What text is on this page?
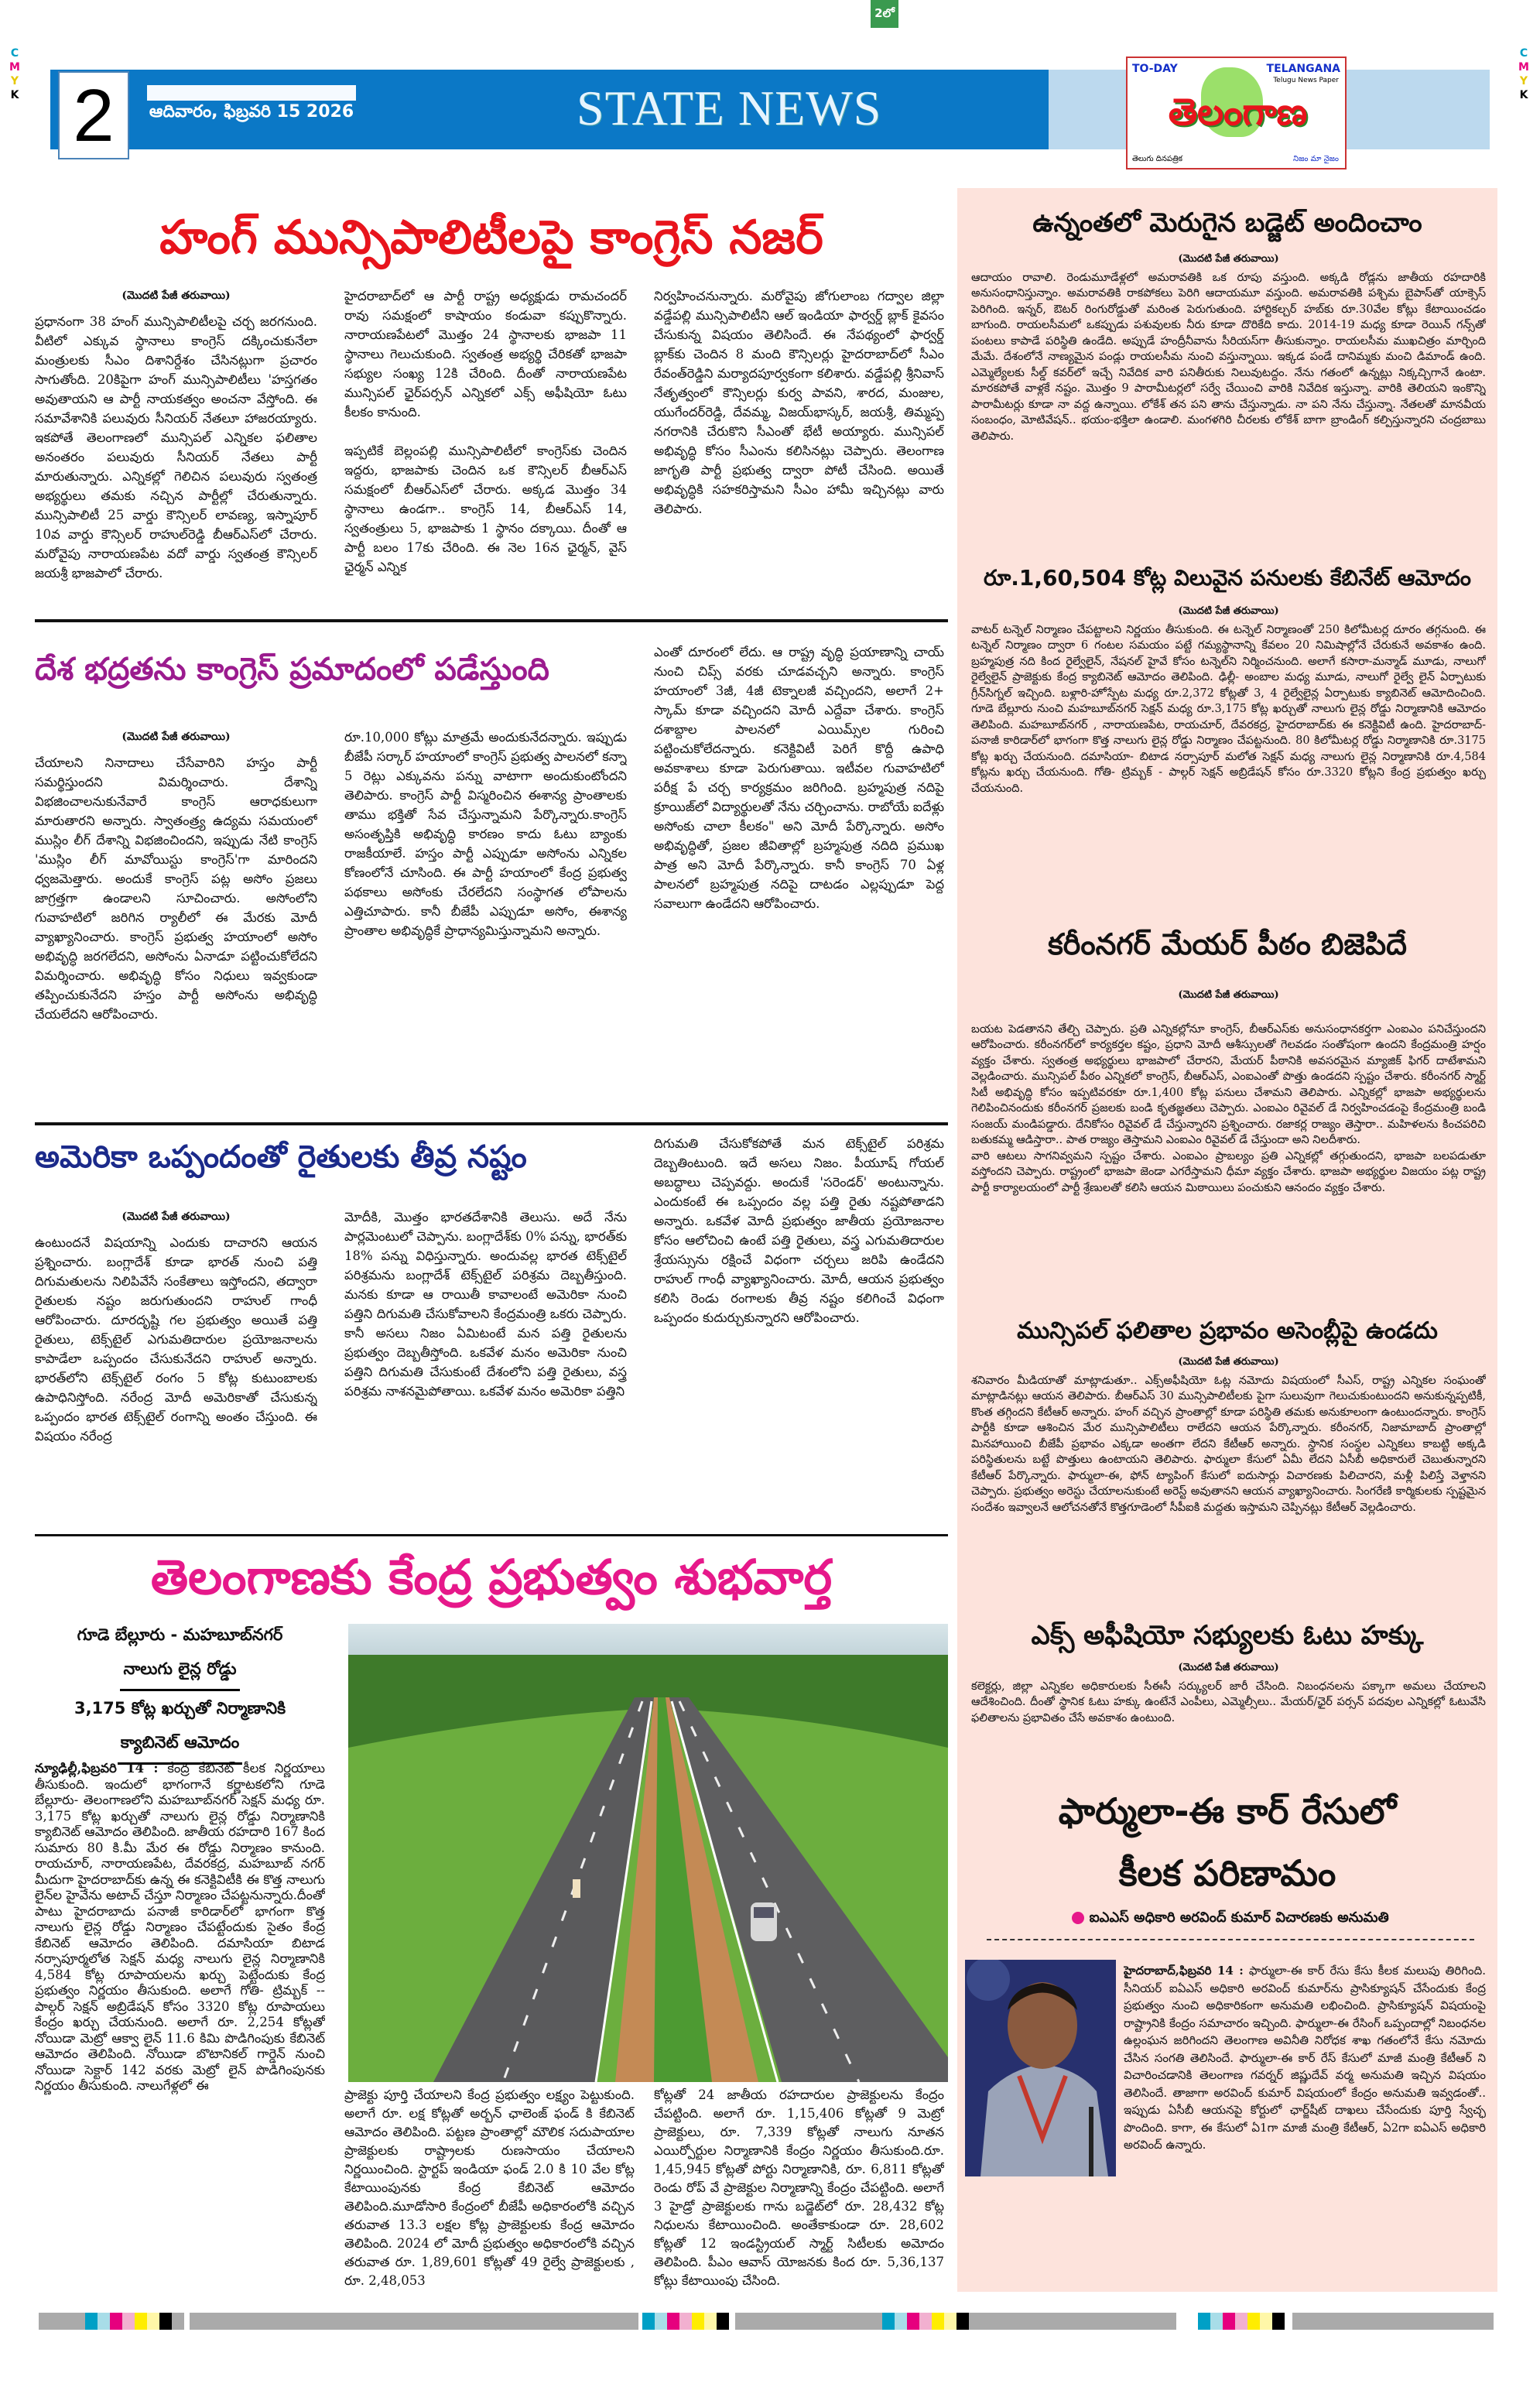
2లో
C
M
Y
K
C
M
Y
K
2	ఆదివారం, ఫిబ్రవరి 15 2026	STATE NEWS
TO-DAY	TELANGANA
Telugu News Paper
తెలంగాణ
తెలుగు దినపత్రిక	నిజం మా నైజం
హంగ్ మున్సిపాలిటీలపై కాంగ్రెస్ నజర్
(మొదటి పేజీ తరువాయి)
ప్రధానంగా 38 హంగ్ మున్సిపాలిటీలపై చర్చ జరగనుంది. వీటిలో ఎక్కువ స్థానాలు కాంగ్రెస్ దక్కించుకునేలా మంత్రులకు సీఎం దిశానిర్దేశం చేసినట్లుగా ప్రచారం సాగుతోంది. 20కిపైగా హంగ్ మున్సిపాలిటీలు 'హస్తగతం అవుతాయని ఆ పార్టీ నాయకత్వం అంచనా వేస్తోంది. ఈ సమావేశానికి పలువురు సీనియర్ నేతలూ హాజరయ్యారు. ఇకపోతే తెలంగాణలో మున్సిపల్ ఎన్నికల ఫలితాల అనంతరం పలువురు సీనియర్ నేతలు పార్టీ మారుతున్నారు. ఎన్నికల్లో గెలిచిన పలువురు స్వతంత్ర అభ్యర్థులు తమకు నచ్చిన పార్టీల్లో చేరుతున్నారు. మున్సిపాలిటీ 25 వార్డు కౌన్సిలర్ లావణ్య, ఇస్నాపూర్ 10వ వార్డు కౌన్సిలర్ రాహుల్‌రెడ్డి బీఆర్‌ఎస్‌లో చేరారు. మరోవైపు నారాయణపేట వదో వార్డు స్వతంత్ర కౌన్సిలర్ జయశ్రీ భాజపాలో చేరారు.
హైదరాబాద్‌లో ఆ పార్టీ రాష్ట్ర అధ్యక్షుడు రామచందర్ రావు సమక్షంలో కాషాయం కండువా కప్పుకొన్నారు. నారాయణపేటలో మొత్తం 24 స్థానాలకు భాజపా 11 స్థానాలు గెలుచుకుంది. స్వతంత్ర అభ్యర్థి చేరికతో భాజపా సభ్యుల సంఖ్య 12కి చేరింది. దీంతో నారాయణపేట మున్సిపల్ ఛైర్‌పర్సన్ ఎన్నికలో ఎక్స్ అఫీషియో ఓటు కీలకం కానుంది.

ఇప్పటికే బెల్లంపల్లి మున్సిపాలిటీలో కాంగ్రెస్‌కు చెందిన ఇద్దరు, భాజపాకు చెందిన ఒక కౌన్సిలర్ బీఆర్‌ఎస్ సమక్షంలో బీఆర్‌ఎస్‌లో చేరారు. అక్కడ మొత్తం 34 స్థానాలు ఉండగా.. కాంగ్రెస్ 14, బీఆర్‌ఎస్ 14, స్వతంత్రులు 5, భాజపాకు 1 స్థానం దక్కాయి. దీంతో ఆ పార్టీ బలం 17కు చేరింది. ఈ నెల 16న ఛైర్మన్, వైస్ ఛైర్మన్ ఎన్నిక
నిర్వహించనున్నారు. మరోవైపు జోగులాంబ గద్వాల జిల్లా వడ్డేపల్లి మున్సిపాలిటీని ఆల్ ఇండియా ఫార్వర్డ్ బ్లాక్ కైవసం చేసుకున్న విషయం తెలిసిందే. ఈ నేపథ్యంలో ఫార్వర్డ్ బ్లాక్‌కు చెందిన 8 మంది కౌన్సిలర్లు హైదరాబాద్‌లో సీఎం రేవంత్‌రెడ్డిని మర్యాదపూర్వకంగా కలిశారు. వడ్డేపల్లి శ్రీనివాస్ నేతృత్వంలో కౌన్సిలర్లు కుర్వ పావని, శారద, మంజుల, యుగేందర్‌రెడ్డి, దేవమ్మ, విజయ్‌భాస్కర్, జయశ్రీ, తిమ్మప్ప నగరానికి చేరుకొని సీఎంతో భేటీ అయ్యారు. మున్సిపల్ అభివృద్ధి కోసం సీఎంను కలిసినట్లు చెప్పారు. తెలంగాణ జాగృతి పార్టీ ప్రభుత్వ ద్వారా పోటీ చేసింది. అయితే అభివృద్ధికి సహకరిస్తామని సీఎం హామీ ఇచ్చినట్లు వారు తెలిపారు.
దేశ భద్రతను కాంగ్రెస్ ప్రమాదంలో పడేస్తుంది
(మొదటి పేజీ తరువాయి)
చేయాలని నినాదాలు చేసేవారిని హస్తం పార్టీ సమర్థిస్తుందని విమర్శించారు. దేశాన్ని విభజించాలనుకునేవారే కాంగ్రెస్ ఆరాధకులుగా మారుతారని అన్నారు. స్వాతంత్ర్య ఉద్యమ సమయంలో ముస్లిం లీగ్ దేశాన్ని విభజించిందని, ఇప్పుడు నేటి కాంగ్రెస్ 'ముస్లిం లీగ్ మావోయిస్టు కాంగ్రెస్'గా మారిందని ధ్వజమెత్తారు. అందుకే కాంగ్రెస్ పట్ల అసోం ప్రజలు జాగ్రత్తగా ఉండాలని సూచించారు. అసోంలోని గువాహటిలో జరిగిన ర్యాలీలో ఈ మేరకు మోదీ వ్యాఖ్యానించారు. కాంగ్రెస్ ప్రభుత్వ హయాంలో అసోం అభివృద్ధి జరగలేదని, అసోంను ఏనాడూ పట్టించుకోలేదని విమర్శించారు. అభివృద్ధి కోసం నిధులు ఇవ్వకుండా తప్పించుకునేదని హస్తం పార్టీ అసోంను అభివృద్ధి చేయలేదని ఆరోపించారు.
రూ.10,000 కోట్లు మాత్రమే అందుకునేదన్నారు. ఇప్పుడు బీజేపీ సర్కార్ హయాంలో కాంగ్రెస్ ప్రభుత్వ పాలనలో కన్నా 5 రెట్లు ఎక్కువను పన్ను వాటాగా అందుకుంటోందని తెలిపారు. కాంగ్రెస్ పార్టీ విస్మరించిన ఈశాన్య ప్రాంతాలకు తాము భక్తితో సేవ చేస్తున్నామని పేర్కొన్నారు.కాంగ్రెస్ అసంతృప్తికి అభివృద్ధి కారణం కాదు ఓటు బ్యాంకు రాజకీయాలే. హస్తం పార్టీ ఎప్పుడూ అసోంను ఎన్నికల కోణంలోనే చూసింది. ఈ పార్టీ హయాంలో కేంద్ర ప్రభుత్వ పథకాలు అసోంకు చేరలేదని సంస్థాగత లోపాలను ఎత్తిచూపారు. కానీ బీజేపీ ఎప్పుడూ అసోం, ఈశాన్య ప్రాంతాల అభివృద్ధికే ప్రాధాన్యమిస్తున్నామని అన్నారు.
ఎంతో దూరంలో లేదు. ఆ రాష్ట్ర వృద్ధి ప్రయాణాన్ని చాయ్ నుంచి చిప్స్ వరకు చూడవచ్చని అన్నారు. కాంగ్రెస్ హయాంలో 3జీ, 4జీ టెక్నాలజీ వచ్చిందని, అలాగే 2+ స్కామ్ కూడా వచ్చిందని మోదీ ఎద్దేవా చేశారు. కాంగ్రెస్ దశాబ్దాల పాలనలో ఎయిమ్స్‌ల గురించి పట్టించుకోలేదన్నారు. కనెక్టివిటీ పెరిగే కొద్దీ ఉపాధి అవకాశాలు కూడా పెరుగుతాయి. ఇటీవల గువాహటిలో పరీక్ష పే చర్చ కార్యక్రమం జరిగింది. బ్రహ్మపుత్ర నదిపై క్రూయిజ్‌లో విద్యార్థులతో నేను చర్చించాను. రాబోయే ఐదేళ్లు అసోంకు చాలా కీలకం" అని మోదీ పేర్కొన్నారు. అసోం అభివృద్ధితో, ప్రజల జీవితాల్లో బ్రహ్మపుత్ర నదిది ప్రముఖ పాత్ర అని మోదీ పేర్కొన్నారు. కానీ కాంగ్రెస్ 70 ఏళ్ల పాలనలో బ్రహ్మపుత్ర నదిపై దాటడం ఎల్లప్పుడూ పెద్ద సవాలుగా ఉండేదని ఆరోపించారు.
అమెరికా ఒప్పందంతో రైతులకు తీవ్ర నష్టం
(మొదటి పేజీ తరువాయి)
ఉంటుందనే విషయాన్ని ఎందుకు దాచారని ఆయన ప్రశ్నించారు. బంగ్లాదేశ్ కూడా భారత్ నుంచి పత్తి దిగుమతులను నిలిపివేసే సంకేతాలు ఇస్తోందని, తద్వారా రైతులకు నష్టం జరుగుతుందని రాహుల్ గాంధీ ఆరోపించారు. దూరదృష్టి గల ప్రభుత్వం అయితే పత్తి రైతులు, టెక్స్‌టైల్ ఎగుమతిదారుల ప్రయోజనాలను కాపాడేలా ఒప్పందం చేసుకునేదని రాహుల్ అన్నారు. భారత్‌లోని టెక్స్‌టైల్ రంగం 5 కోట్ల కుటుంబాలకు ఉపాధినిస్తోంది. నరేంద్ర మోదీ అమెరికాతో చేసుకున్న ఒప్పందం భారత టెక్స్‌టైల్ రంగాన్ని అంతం చేస్తుంది. ఈ విషయం నరేంద్ర
మోదీకి, మొత్తం భారతదేశానికి తెలుసు. అదే నేను పార్లమెంటులో చెప్పాను. బంగ్లాదేశ్‌కు 0% పన్ను, భారత్‌కు 18% పన్ను విధిస్తున్నారు. అందువల్ల భారత టెక్స్‌టైల్ పరిశ్రమను బంగ్లాదేశ్ టెక్స్‌టైల్ పరిశ్రమ దెబ్బతీస్తుంది. మనకు కూడా ఆ రాయితీ కావాలంటే అమెరికా నుంచి పత్తిని దిగుమతి చేసుకోవాలని కేంద్రమంత్రి ఒకరు చెప్పారు. కానీ అసలు నిజం ఏమిటంటే మన పత్తి రైతులను ప్రభుత్వం దెబ్బతీస్తోంది. ఒకవేళ మనం అమెరికా నుంచి పత్తిని దిగుమతి చేసుకుంటే దేశంలోని పత్తి రైతులు, వస్త్ర పరిశ్రమ నాశనమైపోతాయి. ఒకవేళ మనం అమెరికా పత్తిని
దిగుమతి చేసుకోకపోతే మన టెక్స్‌టైల్ పరిశ్రమ దెబ్బతింటుంది. ఇదే అసలు నిజం. పీయూష్ గోయల్ అబద్ధాలు చెప్పవద్దు. అందుకే 'సరెండర్' అంటున్నాను. ఎందుకంటే ఈ ఒప్పందం వల్ల పత్తి రైతు నష్టపోతాడని అన్నారు. ఒకవేళ మోదీ ప్రభుత్వం జాతీయ ప్రయోజనాల కోసం ఆలోచించి ఉంటే పత్తి రైతులు, వస్త్ర ఎగుమతిదారుల శ్రేయస్సును రక్షించే విధంగా చర్చలు జరిపి ఉండేదని రాహుల్ గాంధీ వ్యాఖ్యానించారు. మోదీ, ఆయన ప్రభుత్వం కలిసి రెండు రంగాలకు తీవ్ర నష్టం కలిగించే విధంగా ఒప్పందం కుదుర్చుకున్నారని ఆరోపించారు.
తెలంగాణకు కేంద్ర ప్రభుత్వం శుభవార్త
గూడె బేల్లూరు - మహబూబ్‌నగర్
నాలుగు లైన్ల రోడ్డు
3,175 కోట్ల ఖర్చుతో నిర్మాణానికి
క్యాబినెట్ ఆమోదం
న్యూఢిల్లీ,ఫిబ్రవరి 14 : కేంద్ర కేబినెట్ కీలక నిర్ణయాలు తీసుకుంది. ఇందులో భాగంగానే కర్ణాటకలోని గూడె బేల్లూరు- తెలంగాణలోని మహబూబ్‌నగర్ సెక్షన్ మధ్య రూ. 3,175 కోట్ల ఖర్చుతో నాలుగు లైన్ల రోడ్డు నిర్మాణానికి క్యాబినెట్ ఆమోదం తెలిపింది. జాతీయ రహదారి 167 కింద సుమారు 80 కి.మీ మేర ఈ రోడ్డు నిర్మాణం కానుంది. రాయచూర్, నారాయణపేట, దేవరకద్ర, మహబూబ్ నగర్ మీదుగా హైదరాబాద్‌కు ఉన్న ఈ కనెక్టివిటీకి ఈ కొత్త నాలుగు లైన్‌ల హైవేను అటాచ్ చేస్తూ నిర్మాణం చేపట్టనున్నారు.దీంతో పాటు హైదరాబాదు పనాజీ కారిడార్‌లో భాగంగా కొత్త నాలుగు లైన్ల రోడ్డు నిర్మాణం చేపట్టేందుకు సైతం కేంద్ర కేబినెట్ ఆమోదం తెలిపింది. దమాసియా బిటాడ నర్సాపూర్మలోత సెక్షన్ మధ్య నాలుగు లైన్ల నిర్మాణానికి 4,584 కోట్ల రూపాయలను ఖర్చు పెట్టేందుకు కేంద్ర ప్రభుత్వం నిర్ణయం తీసుకుంది. అలాగే గోతి- ట్రిమ్బక్ -- పాల్గర్ సెక్షన్ అబ్రిడేషన్ కోసం 3320 కోట్ల రూపాయలు కేంద్రం ఖర్చు చేయనుంది. అలాగే రూ. 2,254 కోట్లతో నోయిడా మెట్రో ఆక్వా లైన్ 11.6 కిమి పొడిగింపుకు కేబినెట్ ఆమోదం తెలిపింది. నోయిడా బొటానికల్ గార్డెన్ నుంచి నోయిడా సెక్టార్ 142 వరకు మెట్రో లైన్ పొడిగింపునకు నిర్ణయం తీసుకుంది. నాలుగేళ్లలో ఈ
ప్రాజెక్టు పూర్తి చేయాలని కేంద్ర ప్రభుత్వం లక్ష్యం పెట్టుకుంది. అలాగే రూ. లక్ష కోట్లతో అర్బన్ ఛాలెంజ్ ఫండ్ కి కేబినెట్ ఆమోదం తెలిపింది. పట్టణ ప్రాంతాల్లో మౌలిక సదుపాయాల ప్రాజెక్టులకు రాష్ట్రాలకు రుణసాయం చేయాలని నిర్ణయించింది. స్టార్టప్ ఇండియా ఫండ్ 2.0 కి 10 వేల కోట్ల కేటాయింపునకు కేంద్ర కేబినెట్ ఆమోదం తెలిపింది.మూడోసారి కేంద్రంలో బీజేపీ అధికారంలోకి వచ్చిన తరువాత 13.3 లక్షల కోట్ల ప్రాజెక్టులకు కేంద్ర ఆమోదం తెలిపింది. 2024 లో మోదీ ప్రభుత్వం అధికారంలోకి వచ్చిన తరువాత రూ. 1,89,601 కోట్లతో 49 రైల్వే ప్రాజెక్టులకు , రూ. 2,48,053
కోట్లతో 24 జాతీయ రహదారుల ప్రాజెక్టులను కేంద్రం చేపట్టింది. అలాగే రూ. 1,15,406 కోట్లతో 9 మెట్రో ప్రాజెక్టులు, రూ. 7,339 కోట్లతో నాలుగు నూతన ఎయిర్పోర్టుల నిర్మాణానికి కేంద్రం నిర్ణయం తీసుకుంది.రూ. 1,45,945 కోట్లతో పోర్టు నిర్మాణానికి, రూ. 6,811 కోట్లతో రెండు రోప్ వే ప్రాజెక్టుల నిర్మాణాన్ని కేంద్రం చేపట్టింది. అలాగే 3 హైడ్రో ప్రాజెక్టులకు గాను బడ్జెట్‌లో రూ. 28,432 కోట్ల నిధులను కేటాయించింది. అంతేకాకుండా రూ. 28,602 కోట్లతో 12 ఇండస్ట్రియల్ స్మార్ట్ సిటీలకు అమోదం తెలిపింది. పీఎం ఆవాస్ యోజనకు కింద రూ. 5,36,137 కోట్లు కేటాయింపు చేసింది.
ఉన్నంతలో మెరుగైన బడ్జెట్ అందించాం
(మొదటి పేజీ తరువాయి)
ఆదాయం రావాలి. రెండుమూడేళ్లలో అమరావతికి ఒక రూపు వస్తుంది. అక్కడి రోడ్లను జాతీయ రహదారికి అనుసంధానిస్తున్నాం. అమరావతికి రాకపోకలు పెరిగి ఆదాయమూ వస్తుంది. అమరావతికి పశ్చిమ బైపాస్‌తో యాక్సెస్ పెరిగింది. ఇన్నర్, ఔటర్ రింగురోడ్డుతో మరింత పెరుగుతుంది. హార్టికల్చర్ హబ్‌కు రూ.30వేల కోట్లు కేటాయించడం బాగుంది. రాయలసీమలో ఒకప్పుడు పశువులకు నీరు కూడా దొరికేది కాదు. 2014-19 మధ్య కూడా రెయిన్ గన్స్‌తో పంటలు కాపాడే పరిస్థితి ఉండేది. అప్పుడే హంద్రీనీవాను సీరియస్‌గా తీసుకున్నాం. రాయలసీమ ముఖచిత్రం మార్చింది మేమే. దేశంలోనే నాణ్యమైన పండ్లు రాయలసీమ నుంచి వస్తున్నాయి. ఇక్కడ పండే దానిమ్మకు మంచి డిమాండ్ ఉంది. ఎమ్మెల్యేలకు సీల్డ్ కవర్‌లో ఇచ్చే నివేదిక వారి పనితీరుకు నిలువుటద్దం. నేను గతంలో ఉన్నట్లు నిక్కచ్చిగానే ఉంటా. మారకపోతే వాళ్లకే నష్టం. మొత్తం 9 పారామీటర్లలో సర్వే చేయించి వారికి నివేదిక ఇస్తున్నా. వారికి తెలియని ఇంకొన్ని పారామీటర్లు కూడా నా వద్ద ఉన్నాయి. లోకేశ్ తన పని తాను చేస్తున్నాడు. నా పని నేను చేస్తున్నా. నేతలతో మానవీయ సంబంధం, మోటివేషన్.. భయం-భక్తిలా ఉండాలి. మంగళగిరి చీరలకు లోకేశ్ బాగా బ్రాండింగ్ కల్పిస్తున్నారని చంద్రబాబు తెలిపారు.
రూ.1,60,504 కోట్ల విలువైన పనులకు కేబినేట్ ఆమోదం
(మొదటి పేజీ తరువాయి)
వాటర్ టన్నెల్ నిర్మాణం చేపట్టాలని నిర్ణయం తీసుకుంది. ఈ టన్నెల్ నిర్మాణంతో 250 కిలోమీటర్ల దూరం తగ్గనుంది. ఈ టన్నెల్ నిర్మాణం ద్వారా 6 గంటల సమయం పట్టే గమ్యస్థానాన్ని కేవలం 20 నిమిషాల్లోనే చేరుకునే అవకాశం ఉంది. బ్రహ్మపుత్ర నది కింద రైల్వేలైన్, నేషనల్ హైవే కోసం టన్నెల్‌ని నిర్మించనుంది. అలాగే కసారా-మన్మాడ్ మూడు, నాలుగో రైల్వేలైన్ ప్రాజెక్టుకు కేంద్ర క్యాబినెట్ ఆమోదం తెలిపింది. ఢిల్లీ- అంబాల మధ్య మూడు, నాలుగో రైల్వే లైన్ ఏర్పాటుకు గ్రీన్‌సిగ్నల్ ఇచ్చింది. బళ్లారి-హోస్పేట మధ్య రూ.2,372 కోట్లతో 3, 4 రైల్వేలైన్ల ఏర్పాటుకు క్యాబినెట్ ఆమోదించింది. గూడె బేల్లూరు నుంచి మహబూబ్‌నగర్ సెక్షన్ మధ్య రూ.3,175 కోట్ల ఖర్చుతో నాలుగు లైన్ల రోడ్డు నిర్మాణానికి ఆమోదం తెలిపింది. మహబూబ్‌నగర్ , నారాయణపేట, రాయచూర్, దేవరకద్ర, హైదరాబాద్‌కు ఈ కనెక్టివిటీ ఉంది. హైదరాబాద్-పనాజీ కారిడార్‌లో భాగంగా కొత్త నాలుగు లైన్ల రోడ్డు నిర్మాణం చేపట్టనుంది. 80 కిలోమీటర్ల రోడ్డు నిర్మాణానికి రూ.3175 కోట్ల ఖర్చు చేయనుంది. దమాసియా- బిటాడ నర్సాపూర్ మలోత సెక్షన్ మధ్య నాలుగు లైన్ల నిర్మాణానికి రూ.4,584 కోట్లను ఖర్చు చేయనుంది. గోతి- ట్రిమ్బక్ - పాల్గర్ సెక్షన్ అబ్రిడేషన్ కోసం రూ.3320 కోట్లని కేంద్ర ప్రభుత్వం ఖర్చు చేయనుంది.
కరీంనగర్ మేయర్ పీఠం బిజెపిదే

(మొదటి పేజీ తరువాయి)

బయట పెడతానని తేల్చి చెప్పారు. ప్రతి ఎన్నికల్లోనూ కాంగ్రెస్, బీఆర్‌ఎస్‌కు అనుసంధానకర్తగా ఎంఐఎం పనిచేస్తుందని ఆరోపించారు. కరీంనగర్‌లో కార్యకర్తల కష్టం, ప్రధాని మోదీ ఆశీస్సులతో గెలవడం సంతోషంగా ఉందని కేంద్రమంత్రి హర్షం వ్యక్తం చేశారు. స్వతంత్ర అభ్యర్థులు భాజపాలో చేరారని, మేయర్ పీఠానికి అవసరమైన మ్యాజిక్ ఫిగర్ దాటేశామని వెల్లడించారు. మున్సిపల్ పీఠం ఎన్నికలో కాంగ్రెస్, బీఆర్‌ఎస్, ఎంఐఎంతో పొత్తు ఉండదని స్పష్టం చేశారు. కరీంనగర్ స్మార్ట్ సిటీ అభివృద్ధి కోసం ఇప్పటివరకూ రూ.1,400 కోట్ల పనులు చేశామని తెలిపారు. ఎన్నికల్లో భాజపా అభ్యర్థులను గెలిపించినందుకు కరీంనగర్ ప్రజలకు బండి కృతజ్ఞతలు చెప్పారు. ఎంఐఎం రివైవల్ డే నిర్వహించడంపై కేంద్రమంత్రి బండి సంజయ్ మండిపడ్డారు. దేనికోసం రివైవల్ డే చేస్తున్నారని ప్రశ్నించారు. రజాకర్ల రాజ్యం తెస్తారా.. మహిళలను కించపరిచి బతుకమ్మ ఆడిస్తారా.. పాత రాజ్యం తెస్తామని ఎంఐఎం రివైవల్ డే చేస్తుందా అని నిలదీశారు.
వారి ఆటలు సాగనివ్వమని స్పష్టం చేశారు. ఎంఐఎం ప్రాబల్యం ప్రతి ఎన్నికల్లో తగ్గుతుందని, భాజపా బలపడుతూ వస్తోందని చెప్పారు. రాష్ట్రంలో భాజపా జెండా ఎగరేస్తామని ధీమా వ్యక్తం చేశారు. భాజపా అభ్యర్థుల విజయం పట్ల రాష్ట్ర పార్టీ కార్యాలయంలో పార్టీ శ్రేణులతో కలిసి ఆయన మిఠాయిలు పంచుకుని ఆనందం వ్యక్తం చేశారు.

మున్సిపల్ ఫలితాల ప్రభావం అసెంబ్లీపై ఉండదు
(మొదటి పేజీ తరువాయి)
శనివారం మీడియాతో మాట్లాడుతూ.. ఎక్స్‌అఫీషియో ఓట్ల నమోదు విషయంలో సీఎస్, రాష్ట్ర ఎన్నికల సంఘంతో మాట్లాడినట్లు ఆయన తెలిపారు. బీఆర్‌ఎస్ 30 మున్సిపాలిటీలకు పైగా సులువుగా గెలుచుకుంటుందని అనుకున్నప్పటికీ, కొంత తగ్గిందని కేటీఆర్ అన్నారు. హంగ్ వచ్చిన ప్రాంతాల్లో కూడా పరిస్థితి తమకు అనుకూలంగా ఉంటుందన్నారు. కాంగ్రెస్ పార్టీకి కూడా ఆశించిన మేర మున్సిపాలిటీలు రాలేదని ఆయన పేర్కొన్నారు. కరీంనగర్, నిజామాబాద్ ప్రాంతాల్లో మినహాయించి బీజేపీ ప్రభావం ఎక్కడా అంతగా లేదని కేటీఆర్ అన్నారు. స్థానిక సంస్థల ఎన్నికలు కాబట్టి అక్కడి పరిస్థితులను బట్టే పొత్తులు ఉంటాయని తెలిపారు. ఫార్ములా కేసులో ఏమీ లేదని ఏసీబీ అధికారులే చెబుతున్నారని కేటీఆర్ పేర్కొన్నారు. ఫార్ములా-ఈ, ఫోన్ ట్యాపింగ్ కేసులో ఐదుసార్లు విచారణకు పిలిచారని, మళ్లీ పిలిస్తే వెళ్తానని చెప్పారు. ప్రభుత్వం అరెస్టు చేయాలనుకుంటే అరెస్ట్ అవుతానని ఆయన వ్యాఖ్యానించారు. సింగరేణి కార్మికులకు స్పష్టమైన సందేశం ఇవ్వాలనే ఆలోచనతోనే కొత్తగూడెంలో సీపీఐకి మద్దతు ఇస్తామని చెప్పినట్లు కేటీఆర్ వెల్లడించారు.
ఎక్స్ అఫీషియో సభ్యులకు ఓటు హక్కు
(మొదటి పేజీ తరువాయి)
కలెక్టర్లు, జిల్లా ఎన్నికల అధికారులకు సీఈసీ సర్క్యులర్ జారీ చేసింది. నిబంధనలను పక్కాగా అమలు చేయాలని ఆదేశించింది. దీంతో స్థానిక ఓటు హక్కు ఉంటేనే ఎంపీలు, ఎమ్మెల్సీలు.. మేయర్/ఛైర్ పర్సన్ పదవుల ఎన్నికల్లో ఓటువేసి ఫలితాలను ప్రభావితం చేసే అవకాశం ఉంటుంది.
ఫార్ములా-ఈ కార్ రేసులో
కీలక పరిణామం
ఐఎఎస్ అధికారి అరవింద్ కుమార్ విచారణకు అనుమతి
హైదరాబాద్,ఫిబ్రవరి 14 : ఫార్ములా-ఈ కార్ రేసు కేసు కీలక మలుపు తిరిగింది. సీనియర్ ఐఏఎస్ అధికారి అరవింద్ కుమార్‌ను ప్రాసిక్యూషన్ చేసేందుకు కేంద్ర ప్రభుత్వం నుంచి అధికారికంగా అనుమతి లభించింది. ప్రాసిక్యూషన్ విషయంపై రాష్ట్రానికి కేంద్రం సమాచారం ఇచ్చింది. ఫార్ములా-ఈ రేసింగ్ ఒప్పందాల్లో నిబంధనల ఉల్లంఘన జరిగిందని తెలంగాణ అవినీతి నిరోధక శాఖ గతంలోనే కేసు నమోదు చేసిన సంగతి తెలిసిందే. ఫార్ములా-ఈ కార్ రేస్ కేసులో మాజీ మంత్రి కేటీఆర్ ని విచారించడానికి తెలంగాణ గవర్నర్ జిష్ణుదేవ్ వర్మ అనుమతి ఇచ్చిన విషయం తెలిసిందే. తాజాగా అరవింద్ కుమార్ విషయంలో కేంద్రం అనుమతి ఇవ్వడంతో.. ఇప్పుడు ఏసీబీ ఆయనపై కోర్టులో ఛార్జ్‌షీట్ దాఖలు చేసేందుకు పూర్తి స్వేచ్ఛ పొందింది. కాగా, ఈ కేసులో ఏ1గా మాజీ మంత్రి కేటీఆర్, ఏ2గా ఐఏఎస్ అధికారి అరవింద్ ఉన్నారు.
